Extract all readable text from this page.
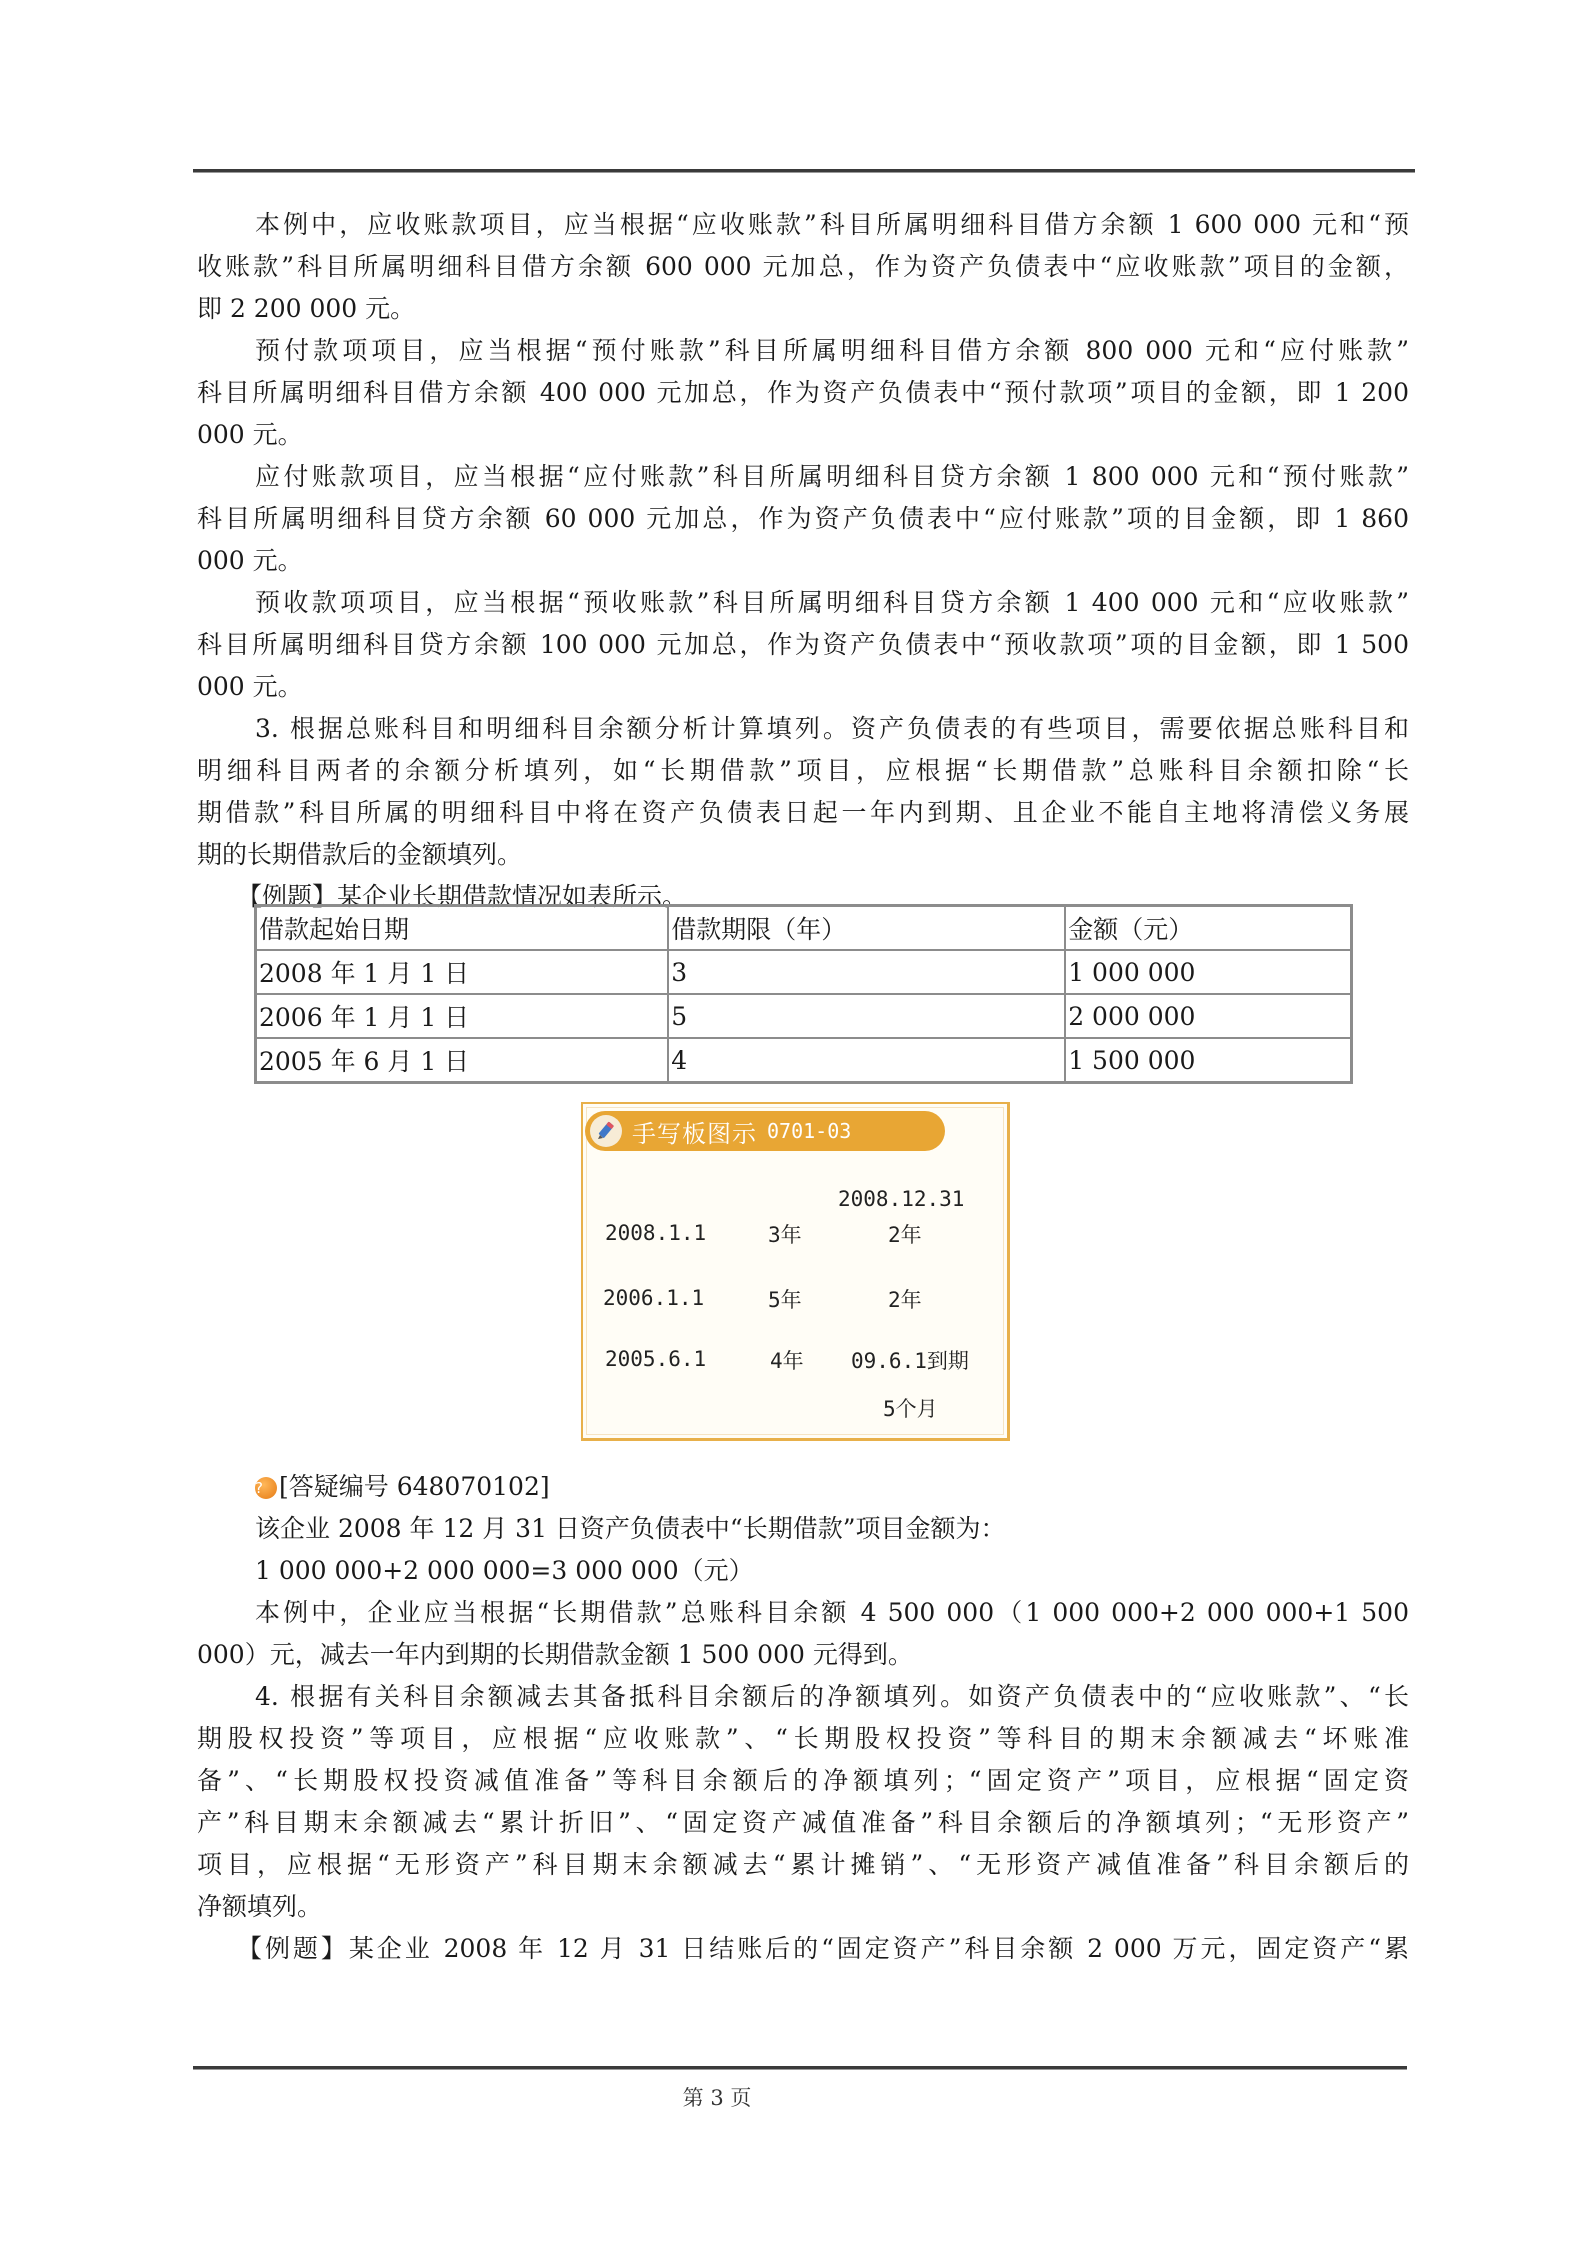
本例中，应收账款项目，应当根据“应收账款”科目所属明细科目借方余额 1 600 000 元和“预
收账款”科目所属明细科目借方余额 600 000 元加总，作为资产负债表中“应收账款”项目的金额，
即 2 200 000 元。
预付款项项目，应当根据“预付账款”科目所属明细科目借方余额 800 000 元和“应付账款”
科目所属明细科目借方余额 400 000 元加总，作为资产负债表中“预付款项”项目的金额，即 1 200
000 元。
应付账款项目，应当根据“应付账款”科目所属明细科目贷方余额 1 800 000 元和“预付账款”
科目所属明细科目贷方余额 60 000 元加总，作为资产负债表中“应付账款”项的目金额，即 1 860
000 元。
预收款项项目，应当根据“预收账款”科目所属明细科目贷方余额 1 400 000 元和“应收账款”
科目所属明细科目贷方余额 100 000 元加总，作为资产负债表中“预收款项”项的目金额，即 1 500
000 元。
3. 根据总账科目和明细科目余额分析计算填列。资产负债表的有些项目，需要依据总账科目和
明细科目两者的余额分析填列，如“长期借款”项目，应根据“长期借款”总账科目余额扣除“长
期借款”科目所属的明细科目中将在资产负债表日起一年内到期、且企业不能自主地将清偿义务展
期的长期借款后的金额填列。
【例题】某企业长期借款情况如表所示。
借款起始日期	借款期限（年）	金额（元）
2008 年 1 月 1 日	3	1 000 000
2006 年 1 月 1 日	5	2 000 000
2005 年 6 月 1 日	4	1 500 000
手写板图示 0701-03
2008.12.31
2008.1.1	3年	2年
2006.1.1	5年	2年
2005.6.1	4年 09.6.1到期
5个月
? [答疑编号 648070102]
该企业 2008 年 12 月 31 日资产负债表中“长期借款”项目金额为：
1 000 000+2 000 000=3 000 000（元）
本例中，企业应当根据“长期借款”总账科目余额 4 500 000（1 000 000+2 000 000+1 500
000）元，减去一年内到期的长期借款金额 1 500 000 元得到。
4. 根据有关科目余额减去其备抵科目余额后的净额填列。如资产负债表中的“应收账款”、“长
期股权投资”等项目，应根据“应收账款”、“长期股权投资”等科目的期末余额减去“坏账准
备”、“长期股权投资减值准备”等科目余额后的净额填列；“固定资产”项目，应根据“固定资
产”科目期末余额减去“累计折旧”、“固定资产减值准备”科目余额后的净额填列；“无形资产”
项目，应根据“无形资产”科目期末余额减去“累计摊销”、“无形资产减值准备”科目余额后的
净额填列。
【例题】某企业 2008 年 12 月 31 日结账后的“固定资产”科目余额 2 000 万元，固定资产“累
第 3 页
